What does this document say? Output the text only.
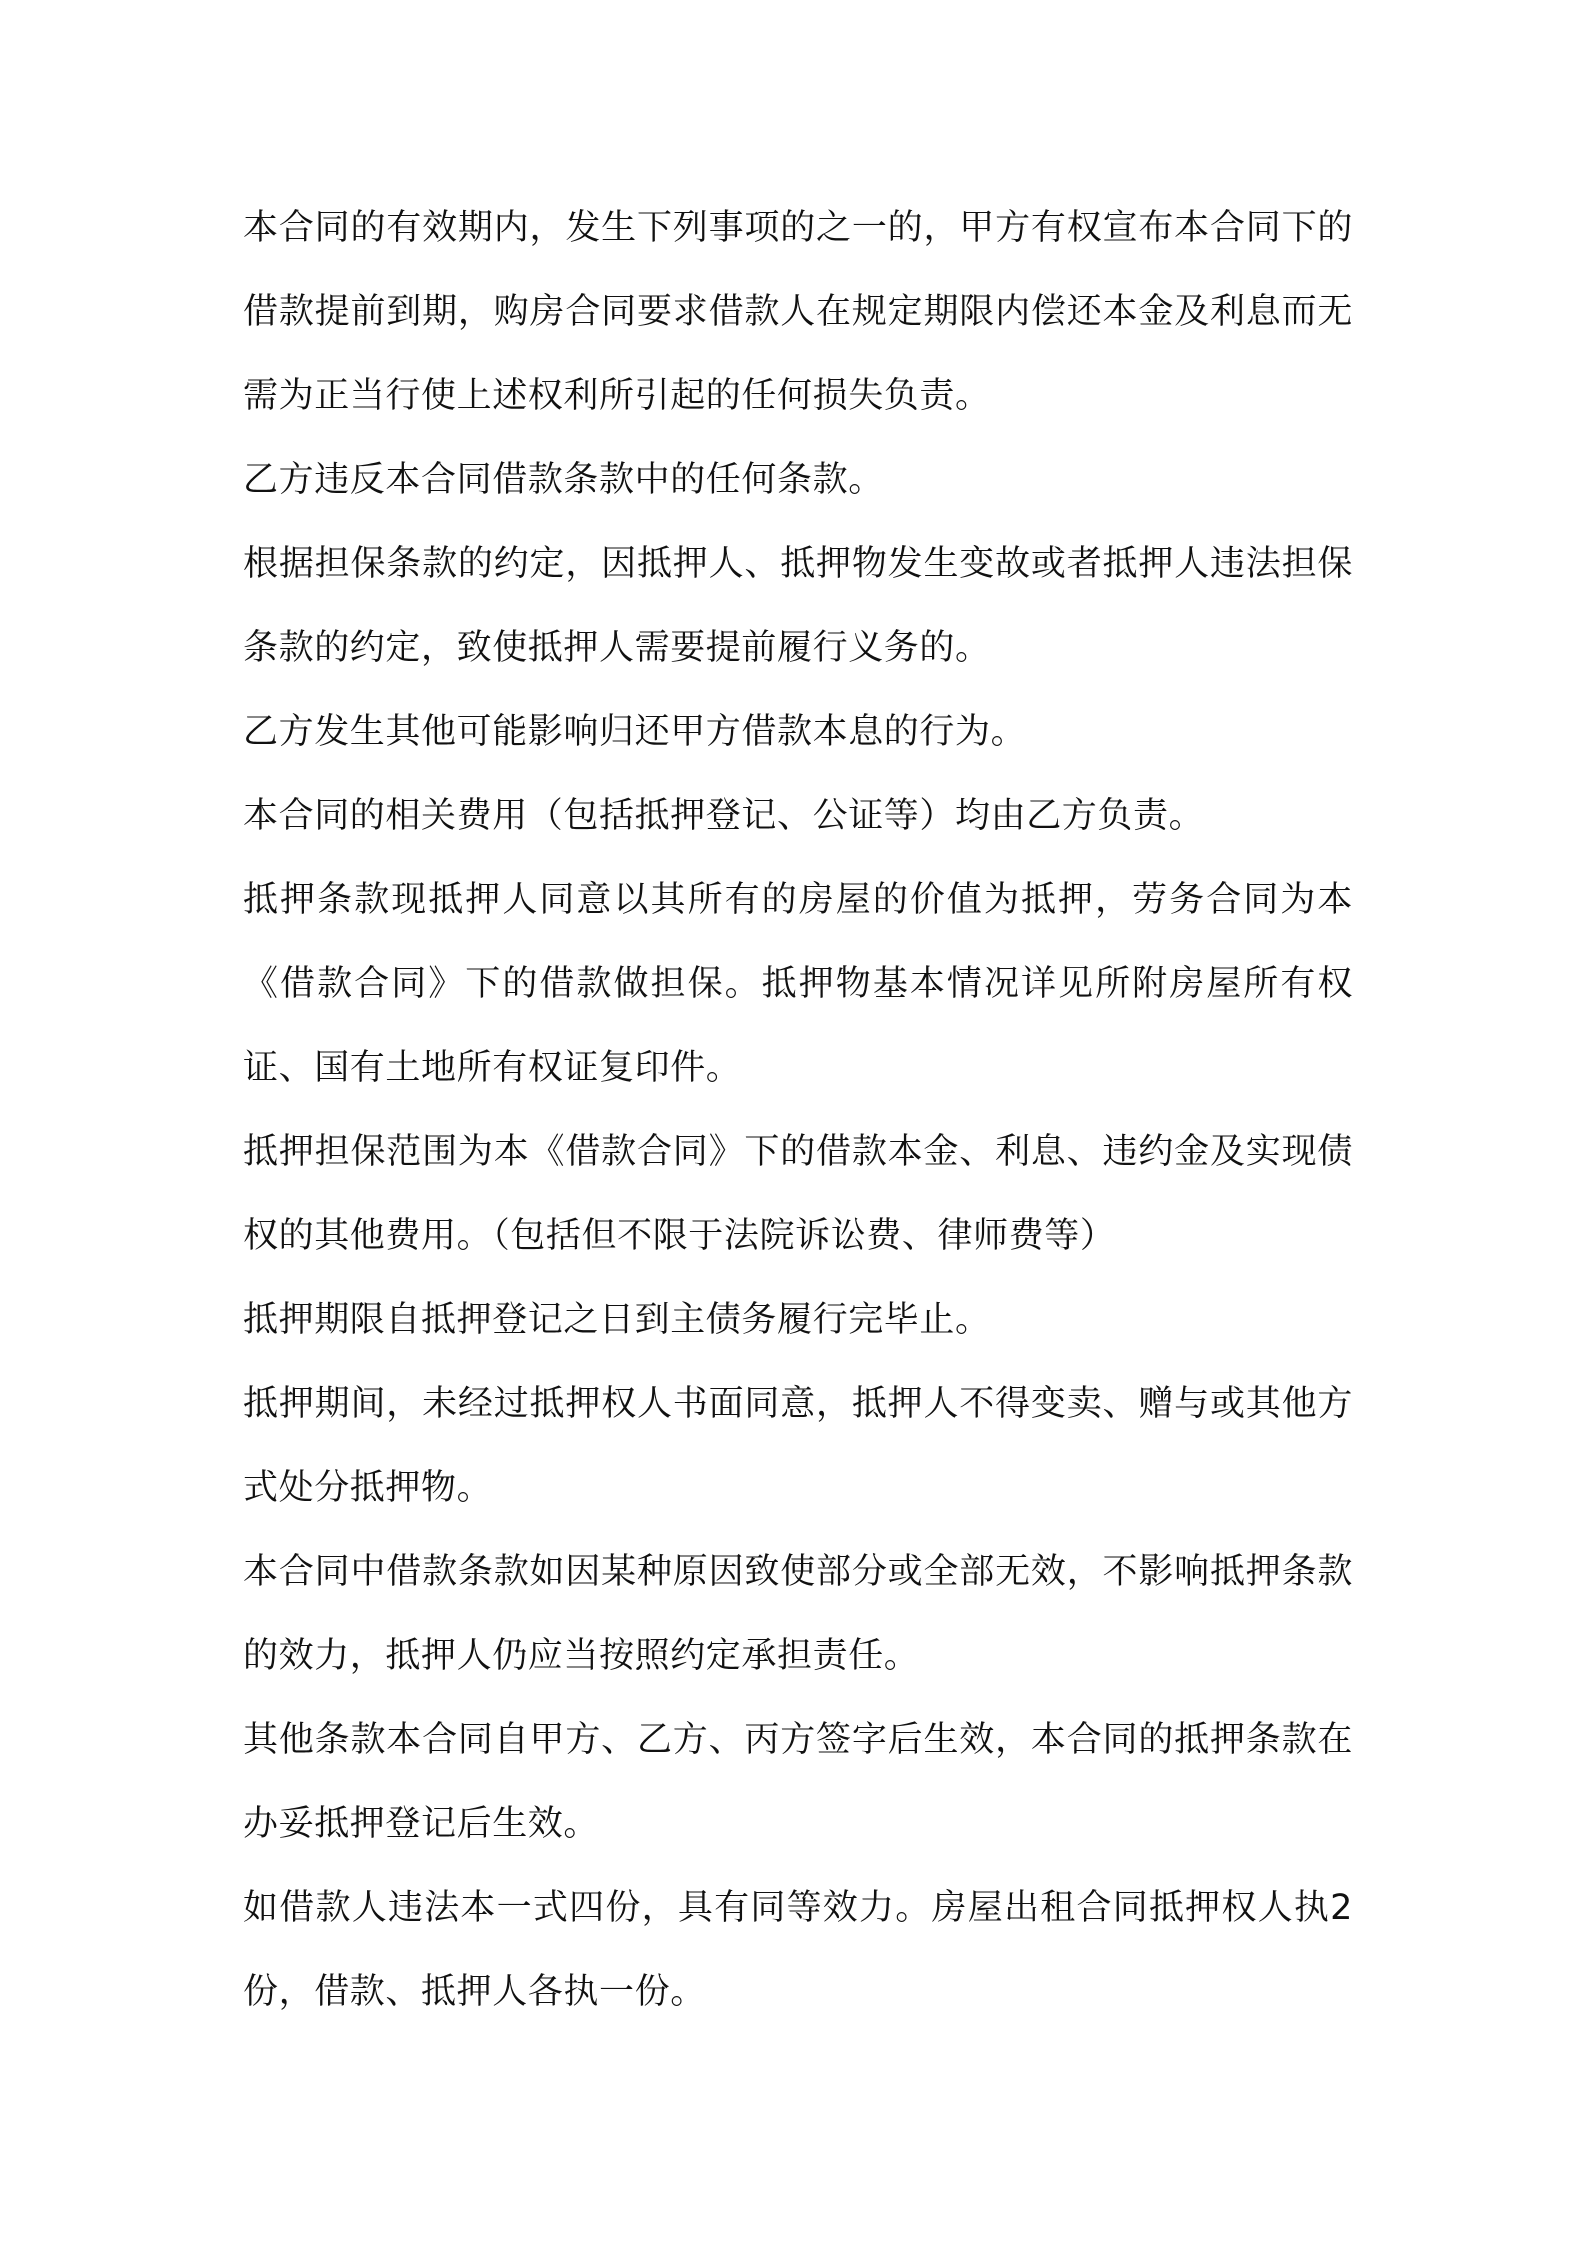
本合同的有效期内，发生下列事项的之一的，甲方有权宣布本合同下的借款提前到期，购房合同要求借款人在规定期限内偿还本金及利息而无需为正当行使上述权利所引起的任何损失负责。

乙方违反本合同借款条款中的任何条款。

根据担保条款的约定，因抵押人、抵押物发生变故或者抵押人违法担保条款的约定，致使抵押人需要提前履行义务的。

乙方发生其他可能影响归还甲方借款本息的行为。

本合同的相关费用（包括抵押登记、公证等）均由乙方负责。

抵押条款现抵押人同意以其所有的房屋的价值为抵押，劳务合同为本《借款合同》下的借款做担保。抵押物基本情况详见所附房屋所有权证、国有土地所有权证复印件。

抵押担保范围为本《借款合同》下的借款本金、利息、违约金及实现债权的其他费用。（包括但不限于法院诉讼费、律师费等）

抵押期限自抵押登记之日到主债务履行完毕止。

抵押期间，未经过抵押权人书面同意，抵押人不得变卖、赠与或其他方式处分抵押物。

本合同中借款条款如因某种原因致使部分或全部无效，不影响抵押条款的效力，抵押人仍应当按照约定承担责任。

其他条款本合同自甲方、乙方、丙方签字后生效，本合同的抵押条款在办妥抵押登记后生效。

如借款人违法本一式四份，具有同等效力。房屋出租合同抵押权人执2 份，借款、抵押人各执一份。
